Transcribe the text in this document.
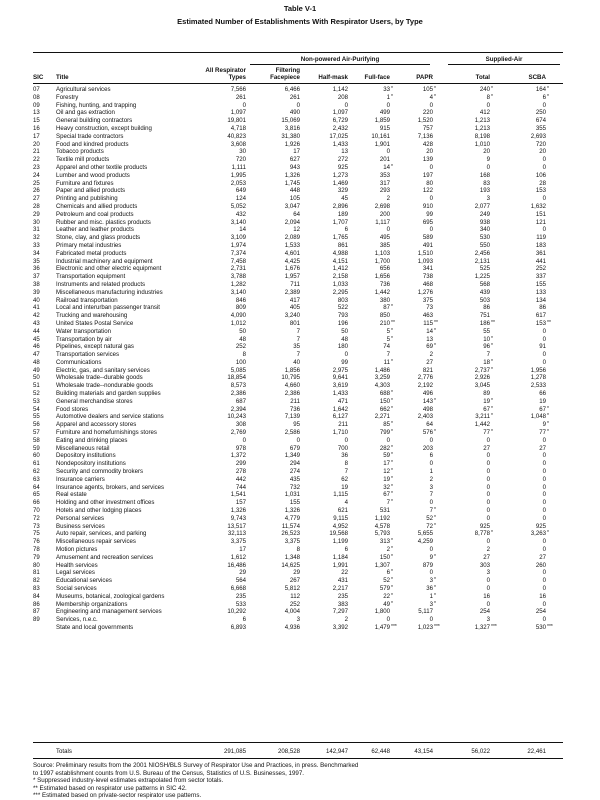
Table V-1
Estimated Number of Establishments With Respirator Users, by Type
Non-powered Air-Purifying	Supplied-Air
SIC Title
All Respirator
Types
Filtering
Facepiece	Half-mask	Full-face	PAPR	Total	SCBA
07	Agricultural services	7,566	6,466	1,142	33 *	105 *	240 *	164 *
08	Forestry	261	261	208	1 *	4 *	8 *	6 *
09	Fishing, hunting, and trapping	0	0	0	0	0	0	0
13	Oil and gas extraction	1,097	490	1,097	499	220	412	250
15	General building contractors	19,801	15,069	6,729	1,859	1,520	1,213	674
16	Heavy construction, except building	4,718	3,816	2,432	915	757	1,213	355
17	Special trade contractors	40,823	31,380	17,025	10,161	7,136	8,198	2,693
20	Food and kindred products	3,608	1,926	1,433	1,901	428	1,010	720
21	Tobacco products	30	17	13	0	20	20	20
22	Textile mill products	720	627	272	201	139	9	0
23	Apparel and other textile products	1,111	943	925	14 *	0	0	0
24	Lumber and wood products	1,995	1,326	1,273	353	197	168	106
25	Furniture and fixtures	2,053	1,745	1,469	317	80	83	28
26	Paper and allied products	649	448	329	293	122	193	153
27	Printing and publishing	124	105	45	2	0	3	0
28	Chemicals and allied products	5,052	3,047	2,896	2,698	910	2,077	1,632
29	Petroleum and coal products	432	64	189	200	99	249	151
30	Rubber and misc. plastics products	3,140	2,094	1,707	1,117	695	938	121
31	Leather and leather products	14	12	6	0	0	340	0
32	Stone, clay, and glass products	3,109	2,089	1,765	495	589	530	119
33	Primary metal industries	1,974	1,533	861	385	491	550	183
34	Fabricated metal products	7,374	4,601	4,988	1,103	1,510	2,456	361
35	Industrial machinery and equipment	7,458	4,425	4,151	1,700	1,093	2,131	441
36	Electronic and other electric equipment	2,731	1,676	1,412	656	341	525	252
37	Transportation equipment	3,788	1,957	2,158	1,656	738	1,225	337
38	Instruments and related products	1,282	711	1,033	736	468	568	155
39	Miscellaneous manufacturing industries	3,140	2,389	2,295	1,442	1,276	439	133
40	Railroad transportation	846	417	803	380	375	503	134
41	Local and interurban passenger transit	809	405	522	87 *	73	86	86
42	Trucking and warehousing	4,090	3,240	793	850	463	751	617
43	United States Postal Service	1,012	801	196	210 **	115 **	186 **	153 **
44	Water transportation	50	7	50	5 *	14 *	55	0
45	Transportation by air	48	7	48	5 *	13	10 *	0
46	Pipelines, except natural gas	252	35	180	74	69 *	96 *	91
47	Transportation services	8	7	0	7	2	7	0
48	Communications	100	40	99	11 *	27	18 *	0
49	Electric, gas, and sanitary services	5,085	1,856	2,975	1,486	821	2,737 *	1,956
50	Wholesale trade--durable goods	18,854	10,795	9,641	3,259	2,776	2,926	1,278
51	Wholesale trade--nondurable goods	8,573	4,660	3,619	4,303	2,192	3,045	2,533
52	Building materials and garden supplies	2,386	2,386	1,433	688 *	496	89	66
53	General merchandise stores	687	211	471	150 *	143 *	19 *	19
54	Food stores	2,394	736	1,642	662 *	498	67 *	67 *
55	Automotive dealers and service stations	10,243	7,139	6,127	2,271	2,403	3,211 *	1,048 *
56	Apparel and accessory stores	308	95	211	85 *	64	1,442	9 *
57	Furniture and homefurnishings stores	2,769	2,586	1,710	799 *	576 *	77 *	77 *
58	Eating and drinking places	0	0	0	0	0	0	0
59	Miscellaneous retail	978	679	700	282 *	203	27	27
60	Depository institutions	1,372	1,349	36	59 *	6	0	0
61	Nondepository institutions	299	294	8	17 *	0	0	0
62	Security and commodity brokers	278	274	7	12 *	1	0	0
63	Insurance carriers	442	435	62	19 *	2	0	0
64	Insurance agents, brokers, and services	744	732	19	32 *	3	0	0
65	Real estate	1,541	1,031	1,115	67 *	7	0	0
66	Holding and other investment offices	157	155	4	7 *	0	0	0
70	Hotels and other lodging places	1,326	1,326	621	531	7 *	0	0
72	Personal services	9,743	4,779	9,115	1,192	52 *	0	0
73	Business services	13,517	11,574	4,952	4,578	72 *	925	925
75	Auto repair, services, and parking	32,113	26,523	19,568	5,793	5,655	8,778 *	3,263 *
76	Miscellaneous repair services	3,375	3,375	1,199	313 *	4,259	0	0
78	Motion pictures	17	8	6	2 *	0	2	0
79	Amusement and recreation services	1,612	1,348	1,184	150 *	9 *	27	27
80	Health services	16,486	14,625	1,991	1,307	879	303	260
81	Legal services	29	29	22	6 *	0	3	0
82	Educational services	564	267	431	52 *	3 *	0	0
83	Social services	6,668	5,812	2,217	579 *	36 *	0	0
84	Museums, botanical, zoological gardens	235	112	235	22 *	1 *	16	16
86	Membership organizations	533	252	383	49 *	3 *	0	0
87	Engineering and management services	10,292	4,004	7,297	1,800	5,117	254	254
89	Services, n.e.c.	6	3	2	0	0	3	0
State and local governments	6,893	4,936	3,392	1,479 ***	1,023 ***	1,327 ***	530 ***
Totals	291,085	208,528	142,947	62,448	43,154	56,022	22,461
Source: Preliminary results from the 2001 NIOSH/BLS Survey of Respirator Use and Practices, in press. Benchmarked
to 1997 establishment counts from U.S. Bureau of the Census, Statistics of U.S. Businesses, 1997.
* Suppressed industry-level estimates extrapolated from sector totals.
** Estimated based on respirator use patterns in SIC 42.
*** Estimated based on private-sector respirator use patterns.
